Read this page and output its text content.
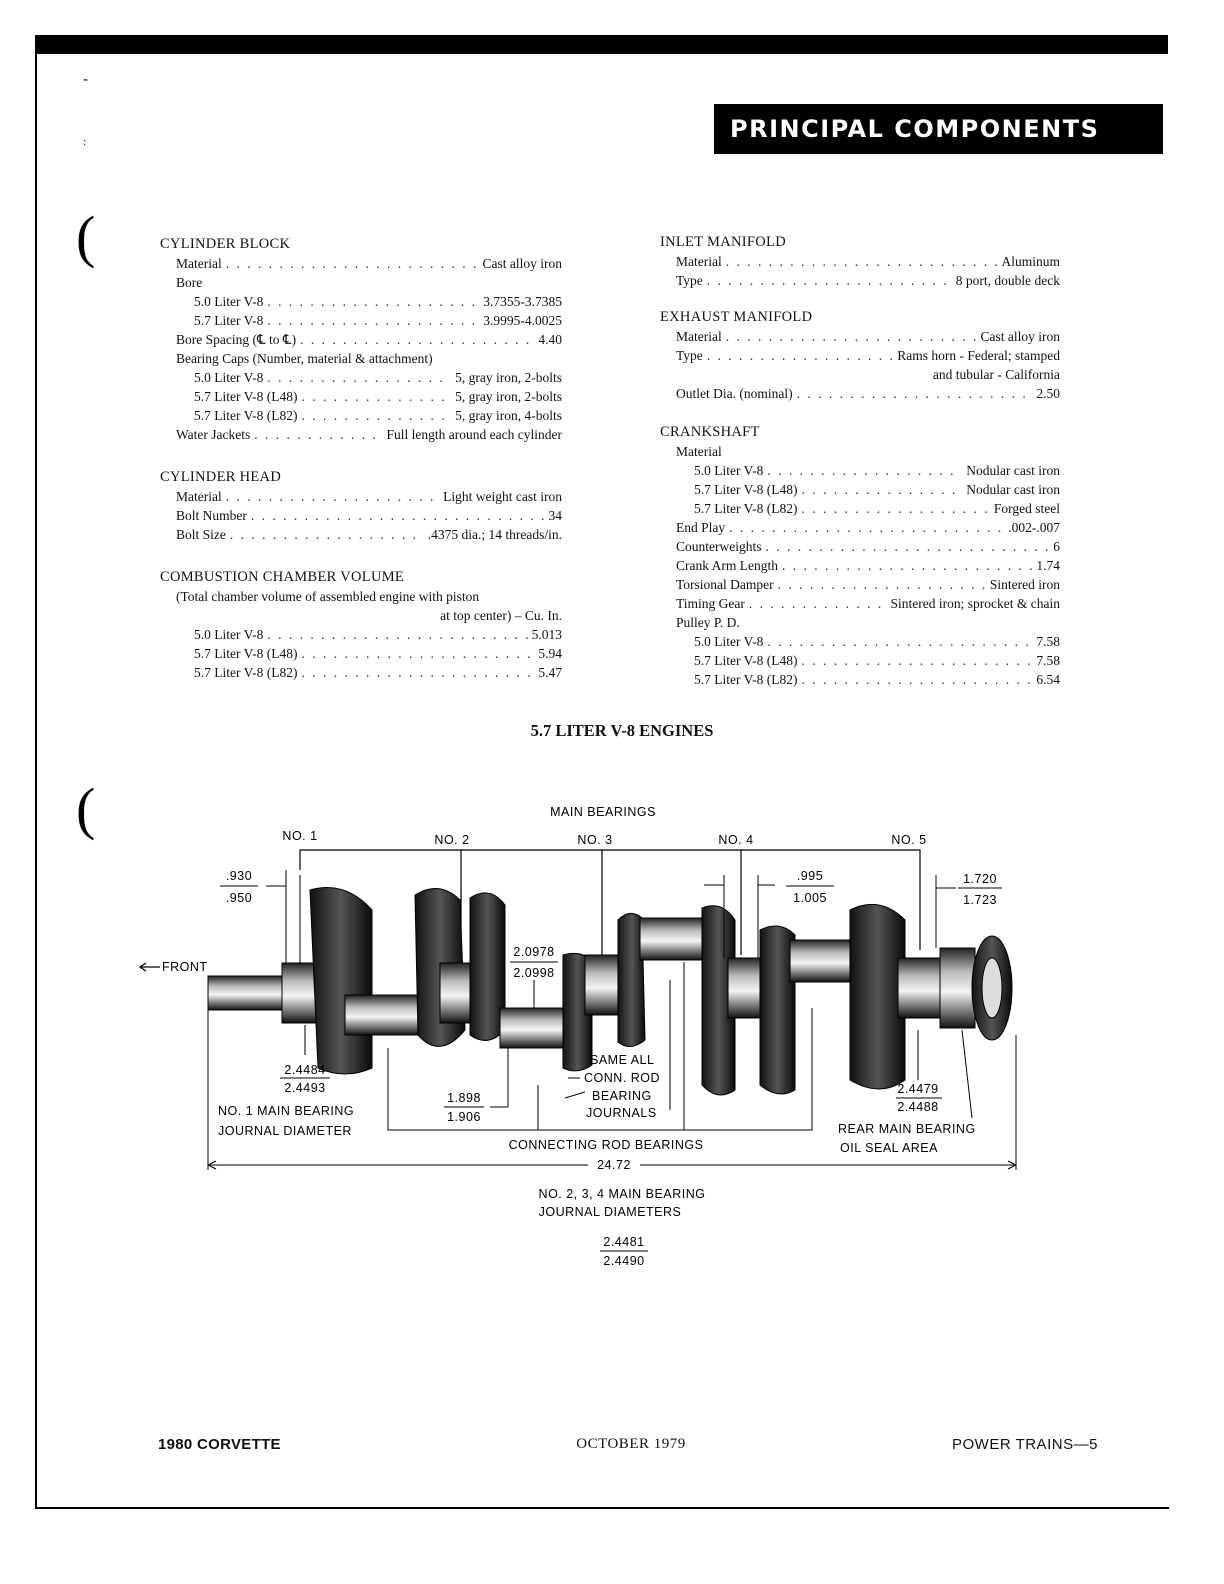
-
:
(
(
PRINCIPAL COMPONENTS
CYLINDER BLOCK
Material . . .	Cast alloy iron
Bore
5.0 Liter V-8 . . .	3.7355-3.7385
5.7 Liter V-8 . . .	3.9995-4.0025
Bore Spacing (℄ to ℄) . . .	4.40
Bearing Caps (Number, material & attachment)
5.0 Liter V-8 . . .	5, gray iron, 2-bolts
5.7 Liter V-8 (L48) . . .	5, gray iron, 2-bolts
5.7 Liter V-8 (L82) . . .	5, gray iron, 4-bolts
Water Jackets . . .	Full length around each cylinder
CYLINDER HEAD
Material . . .	Light weight cast iron
Bolt Number . . .	34
Bolt Size . . .	.4375 dia.; 14 threads/in.
COMBUSTION CHAMBER VOLUME
(Total chamber volume of assembled engine with piston
at top center) – Cu. In.
5.0 Liter V-8 . . .	5.013
5.7 Liter V-8 (L48) . . .	5.94
5.7 Liter V-8 (L82) . . .	5.47
INLET MANIFOLD
Material . . .	Aluminum
Type . . .	8 port, double deck
EXHAUST MANIFOLD
Material . . .	Cast alloy iron
Type . . .	Rams horn - Federal; stamped
and tubular - California
Outlet Dia. (nominal) . . .	2.50
CRANKSHAFT
Material
5.0 Liter V-8 . . .	Nodular cast iron
5.7 Liter V-8 (L48) . . .	Nodular cast iron
5.7 Liter V-8 (L82) . . .	Forged steel
End Play . . .	.002-.007
Counterweights . . .	6
Crank Arm Length . . .	1.74
Torsional Damper . . .	Sintered iron
Timing Gear . . .	Sintered iron; sprocket & chain
Pulley P. D.
5.0 Liter V-8 . . .	7.58
5.7 Liter V-8 (L48) . . .	7.58
5.7 Liter V-8 (L82) . . .	6.54
5.7 LITER V-8 ENGINES
MAIN BEARINGS
NO. 1	NO. 2	NO. 3	NO. 4	NO. 5
FRONT
.930
.950
2.0978
2.0998
.995
1.005
1.720
1.723
2.4484
2.4493
NO. 1 MAIN BEARING
JOURNAL DIAMETER
1.898
1.906
SAME ALL
CONN. ROD
BEARING
JOURNALS
CONNECTING ROD BEARINGS
2.4479
2.4488
REAR MAIN BEARING
OIL SEAL AREA
24.72
NO. 2, 3, 4 MAIN BEARING
JOURNAL DIAMETERS
2.4481
2.4490
1980 CORVETTE	OCTOBER 1979	POWER TRAINS—5
